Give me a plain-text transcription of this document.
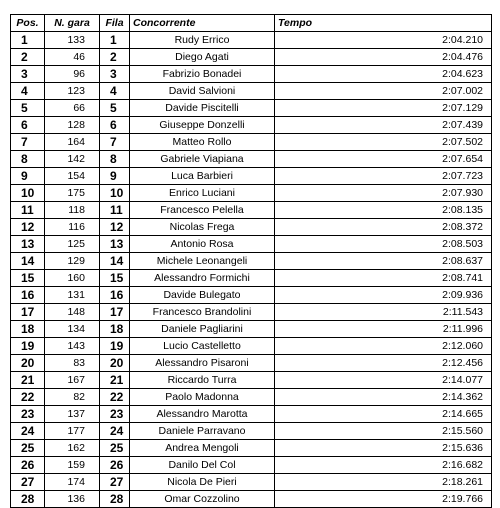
Pos.	N. gara	Fila	Concorrente	Tempo
1	133	1	Rudy Errico	2:04.210
2	46	2	Diego Agati	2:04.476
3	96	3	Fabrizio Bonadei	2:04.623
4	123	4	David Salvioni	2:07.002
5	66	5	Davide Piscitelli	2:07.129
6	128	6	Giuseppe Donzelli	2:07.439
7	164	7	Matteo Rollo	2:07.502
8	142	8	Gabriele Viapiana	2:07.654
9	154	9	Luca Barbieri	2:07.723
10	175	10	Enrico Luciani	2:07.930
11	118	11	Francesco Pelella	2:08.135
12	116	12	Nicolas Frega	2:08.372
13	125	13	Antonio Rosa	2:08.503
14	129	14	Michele Leonangeli	2:08.637
15	160	15	Alessandro Formichi	2:08.741
16	131	16	Davide Bulegato	2:09.936
17	148	17	Francesco Brandolini	2:11.543
18	134	18	Daniele Pagliarini	2:11.996
19	143	19	Lucio Castelletto	2:12.060
20	83	20	Alessandro Pisaroni	2:12.456
21	167	21	Riccardo Turra	2:14.077
22	82	22	Paolo Madonna	2:14.362
23	137	23	Alessandro Marotta	2:14.665
24	177	24	Daniele Parravano	2:15.560
25	162	25	Andrea Mengoli	2:15.636
26	159	26	Danilo Del Col	2:16.682
27	174	27	Nicola De Pieri	2:18.261
28	136	28	Omar Cozzolino	2:19.766
